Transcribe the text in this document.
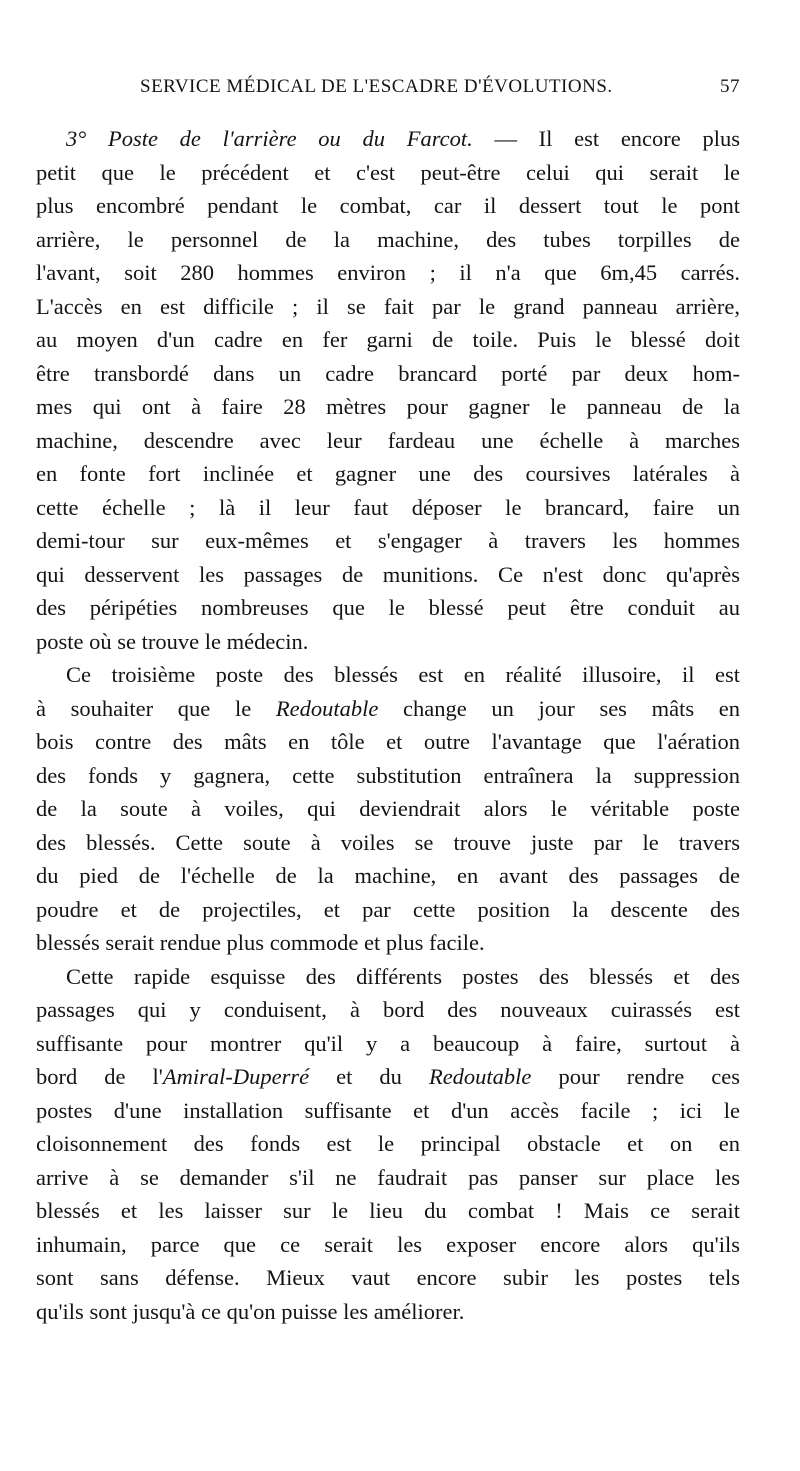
SERVICE MÉDICAL DE L'ESCADRE D'ÉVOLUTIONS.	57
3° Poste de l'arrière ou du Farcot. — Il est encore plus
petit que le précédent et c'est peut-être celui qui serait le
plus encombré pendant le combat, car il dessert tout le pont
arrière, le personnel de la machine, des tubes torpilles de
l'avant, soit 280 hommes environ ; il n'a que 6m,45 carrés.
L'accès en est difficile ; il se fait par le grand panneau arrière,
au moyen d'un cadre en fer garni de toile. Puis le blessé doit
être transbordé dans un cadre brancard porté par deux hom-
mes qui ont à faire 28 mètres pour gagner le panneau de la
machine, descendre avec leur fardeau une échelle à marches
en fonte fort inclinée et gagner une des coursives latérales à
cette échelle ; là il leur faut déposer le brancard, faire un
demi-tour sur eux-mêmes et s'engager à travers les hommes
qui desservent les passages de munitions. Ce n'est donc qu'après
des péripéties nombreuses que le blessé peut être conduit au
poste où se trouve le médecin.
Ce troisième poste des blessés est en réalité illusoire, il est
à souhaiter que le Redoutable change un jour ses mâts en
bois contre des mâts en tôle et outre l'avantage que l'aération
des fonds y gagnera, cette substitution entraînera la suppression
de la soute à voiles, qui deviendrait alors le véritable poste
des blessés. Cette soute à voiles se trouve juste par le travers
du pied de l'échelle de la machine, en avant des passages de
poudre et de projectiles, et par cette position la descente des
blessés serait rendue plus commode et plus facile.
Cette rapide esquisse des différents postes des blessés et des
passages qui y conduisent, à bord des nouveaux cuirassés est
suffisante pour montrer qu'il y a beaucoup à faire, surtout à
bord de l'Amiral-Duperré et du Redoutable pour rendre ces
postes d'une installation suffisante et d'un accès facile ; ici le
cloisonnement des fonds est le principal obstacle et on en
arrive à se demander s'il ne faudrait pas panser sur place les
blessés et les laisser sur le lieu du combat ! Mais ce serait
inhumain, parce que ce serait les exposer encore alors qu'ils
sont sans défense. Mieux vaut encore subir les postes tels
qu'ils sont jusqu'à ce qu'on puisse les améliorer.
